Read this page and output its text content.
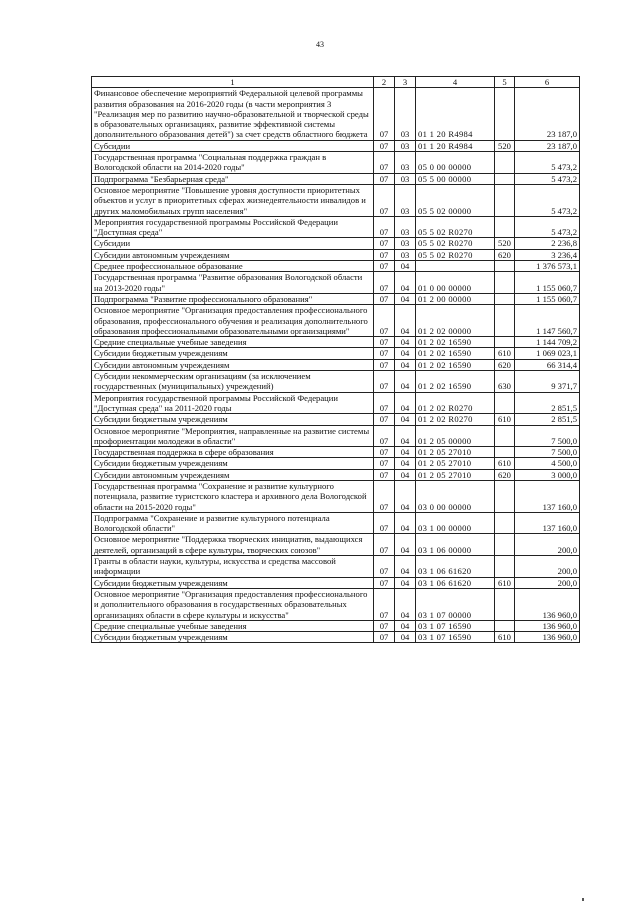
43
1	2	3	4	5	6
Финансовое обеспечение мероприятий Федеральной целевой программы развития образования на 2016-2020 годы (в части мероприятия 3 "Реализация мер по развитию научно-образовательной и творческой среды в образовательных организациях, развитие эффективной системы дополнительного образования детей") за счет средств областного бюджета	07	03	01 1 20 R4984		23 187,0
Субсидии	07	03	01 1 20 R4984	520	23 187,0
Государственная программа "Социальная поддержка граждан в Вологодской области на 2014-2020 годы"	07	03	05 0 00 00000		5 473,2
Подпрограмма "Безбарьерная среда"	07	03	05 5 00 00000		5 473,2
Основное мероприятие "Повышение уровня доступности приоритетных объектов и услуг в приоритетных сферах жизнедеятельности инвалидов и других маломобильных групп населения"	07	03	05 5 02 00000		5 473,2
Мероприятия государственной программы Российской Федерации "Доступная среда"	07	03	05 5 02 R0270		5 473,2
Субсидии	07	03	05 5 02 R0270	520	2 236,8
Субсидии автономным учреждениям	07	03	05 5 02 R0270	620	3 236,4
Среднее профессиональное образование	07	04			1 376 573,1
Государственная программа "Развитие образования Вологодской области на 2013-2020 годы"	07	04	01 0 00 00000		1 155 060,7
Подпрограмма "Развитие профессионального образования"	07	04	01 2 00 00000		1 155 060,7
Основное мероприятие "Организация предоставления профессионального образования, профессионального обучения и реализация дополнительного образования профессиональными образовательными организациями"	07	04	01 2 02 00000		1 147 560,7
Средние специальные учебные заведения	07	04	01 2 02 16590		1 144 709,2
Субсидии бюджетным учреждениям	07	04	01 2 02 16590	610	1 069 023,1
Субсидии автономным учреждениям	07	04	01 2 02 16590	620	66 314,4
Субсидии некоммерческим организациям (за исключением государственных (муниципальных) учреждений)	07	04	01 2 02 16590	630	9 371,7
Мероприятия государственной программы Российской Федерации "Доступная среда" на 2011-2020 годы	07	04	01 2 02 R0270		2 851,5
Субсидии бюджетным учреждениям	07	04	01 2 02 R0270	610	2 851,5
Основное мероприятие "Мероприятия, направленные на развитие системы профориентации молодежи в области"	07	04	01 2 05 00000		7 500,0
Государственная поддержка в сфере образования	07	04	01 2 05 27010		7 500,0
Субсидии бюджетным учреждениям	07	04	01 2 05 27010	610	4 500,0
Субсидии автономным учреждениям	07	04	01 2 05 27010	620	3 000,0
Государственная программа "Сохранение и развитие культурного потенциала, развитие туристского кластера и архивного дела Вологодской области на 2015-2020 годы"	07	04	03 0 00 00000		137 160,0
Подпрограмма "Сохранение и развитие культурного потенциала Вологодской области"	07	04	03 1 00 00000		137 160,0
Основное мероприятие "Поддержка творческих инициатив, выдающихся деятелей, организаций в сфере культуры, творческих союзов"	07	04	03 1 06 00000		200,0
Гранты в области науки, культуры, искусства и средства массовой информации	07	04	03 1 06 61620		200,0
Субсидии бюджетным учреждениям	07	04	03 1 06 61620	610	200,0
Основное мероприятие "Организация предоставления профессионального и дополнительного образования в государственных образовательных организациях области в сфере культуры и искусства"	07	04	03 1 07 00000		136 960,0
Средние специальные учебные заведения	07	04	03 1 07 16590		136 960,0
Субсидии бюджетным учреждениям	07	04	03 1 07 16590	610	136 960,0
